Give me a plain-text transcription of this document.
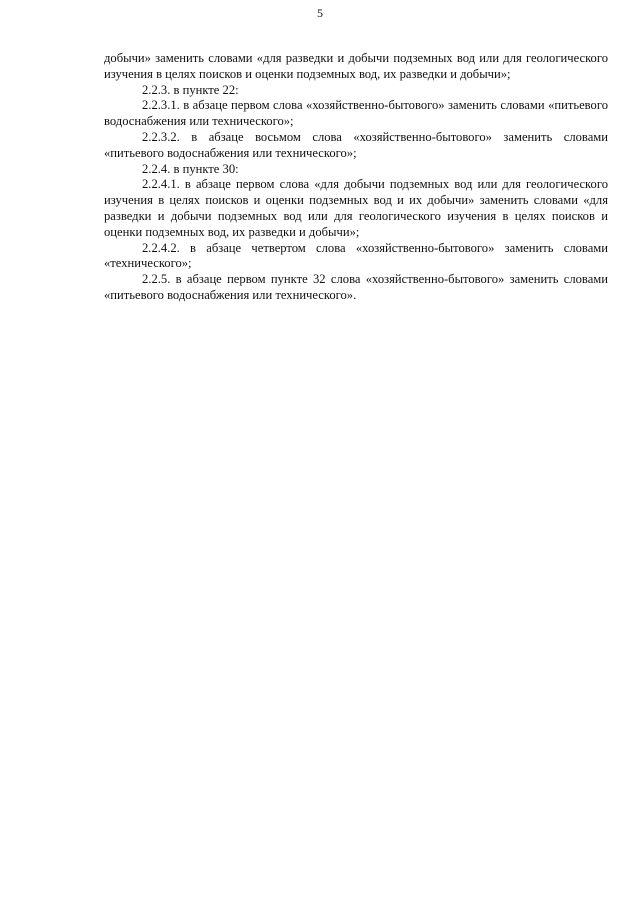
5

добычи» заменить словами «для разведки и добычи подземных вод или для геологического изучения в целях поисков и оценки подземных вод, их разведки и добычи»;

2.2.3. в пункте 22:

2.2.3.1. в абзаце первом слова «хозяйственно-бытового» заменить словами «питьевого водоснабжения или технического»;

2.2.3.2. в абзаце восьмом слова «хозяйственно-бытового» заменить словами «питьевого водоснабжения или технического»;

2.2.4. в пункте 30:

2.2.4.1. в абзаце первом слова «для добычи подземных вод или для геологического изучения в целях поисков и оценки подземных вод и их добычи» заменить словами «для разведки и добычи подземных вод или для геологического изучения в целях поисков и оценки подземных вод, их разведки и добычи»;

2.2.4.2. в абзаце четвертом слова «хозяйственно-бытового» заменить словами «технического»;

2.2.5. в абзаце первом пункте 32 слова «хозяйственно-бытового» заменить словами «питьевого водоснабжения или технического».
